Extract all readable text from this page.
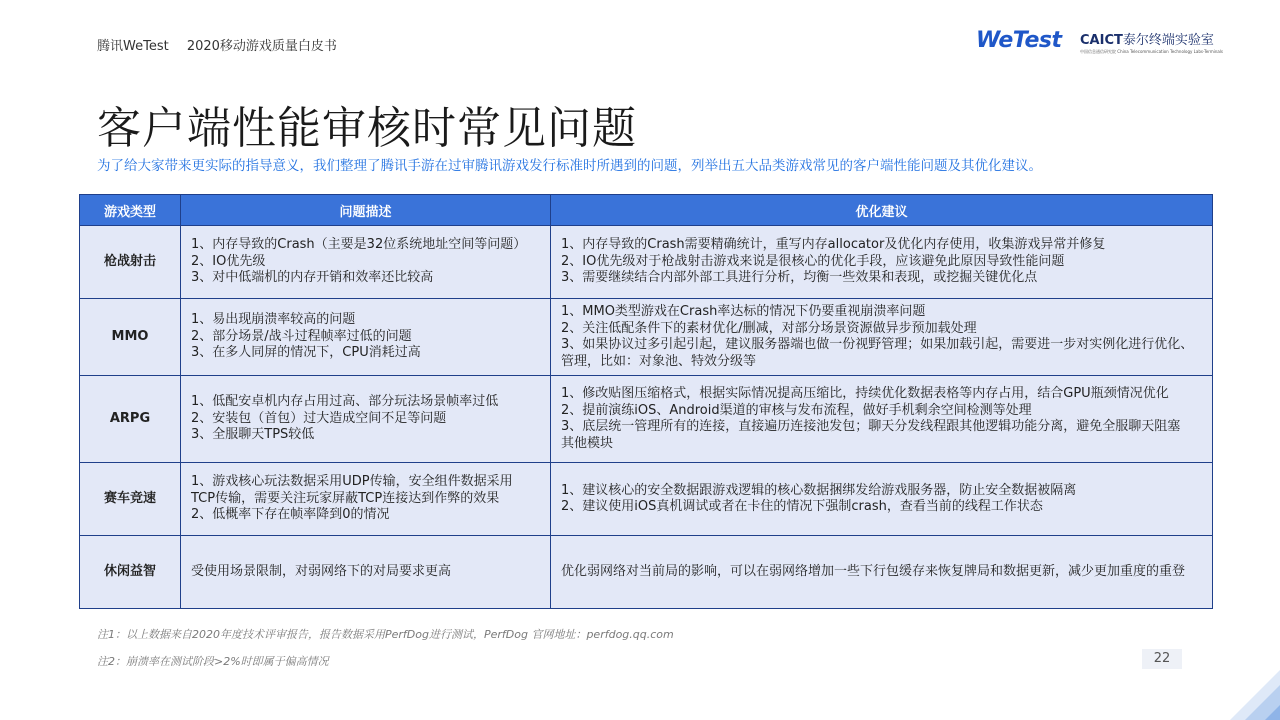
腾讯WeTest 2020移动游戏质量白皮书	WeTest CAICT泰尔终端实验室
中国信息通信研究院 China Telecommunication Technology Labs-Terminals
客户端性能审核时常见问题
为了给大家带来更实际的指导意义，我们整理了腾讯手游在过审腾讯游戏发行标准时所遇到的问题，列举出五大品类游戏常见的客户端性能问题及其优化建议。
游戏类型	问题描述	优化建议
枪战射击	1、内存导致的Crash（主要是32位系统地址空间等问题）
2、IO优先级
3、对中低端机的内存开销和效率还比较高	1、内存导致的Crash需要精确统计，重写内存allocator及优化内存使用，收集游戏异常并修复
2、IO优先级对于枪战射击游戏来说是很核心的优化手段，应该避免此原因导致性能问题
3、需要继续结合内部外部工具进行分析，均衡一些效果和表现，或挖掘关键优化点

MMO	1、易出现崩溃率较高的问题
2、部分场景/战斗过程帧率过低的问题
3、在多人同屏的情况下，CPU消耗过高	1、MMO类型游戏在Crash率达标的情况下仍要重视崩溃率问题
2、关注低配条件下的素材优化/删减，对部分场景资源做异步预加载处理
3、如果协议过多引起引起，建议服务器端也做一份视野管理；如果加载引起，需要进一步对实例化进行优化、
管理，比如：对象池、特效分级等

ARPG	1、低配安卓机内存占用过高、部分玩法场景帧率过低
2、安装包（首包）过大造成空间不足等问题
3、全服聊天TPS较低	1、修改贴图压缩格式，根据实际情况提高压缩比，持续优化数据表格等内存占用，结合GPU瓶颈情况优化
2、提前演练iOS、Android渠道的审核与发布流程，做好手机剩余空间检测等处理
3、底层统一管理所有的连接，直接遍历连接池发包；聊天分发线程跟其他逻辑功能分离，避免全服聊天阻塞
其他模块

赛车竞速	1、游戏核心玩法数据采用UDP传输，安全组件数据采用
TCP传输，需要关注玩家屏蔽TCP连接达到作弊的效果
2、低概率下存在帧率降到0的情况	1、建议核心的安全数据跟游戏逻辑的核心数据捆绑发给游戏服务器，防止安全数据被隔离
2、建议使用iOS真机调试或者在卡住的情况下强制crash，查看当前的线程工作状态

休闲益智	受使用场景限制，对弱网络下的对局要求更高	优化弱网络对当前局的影响，可以在弱网络增加一些下行包缓存来恢复牌局和数据更新，减少更加重度的重登
注1：以上数据来自2020年度技术评审报告，报告数据采用PerfDog进行测试，PerfDog 官网地址：perfdog.qq.com
注2：崩溃率在测试阶段>2%时即属于偏高情况	22
